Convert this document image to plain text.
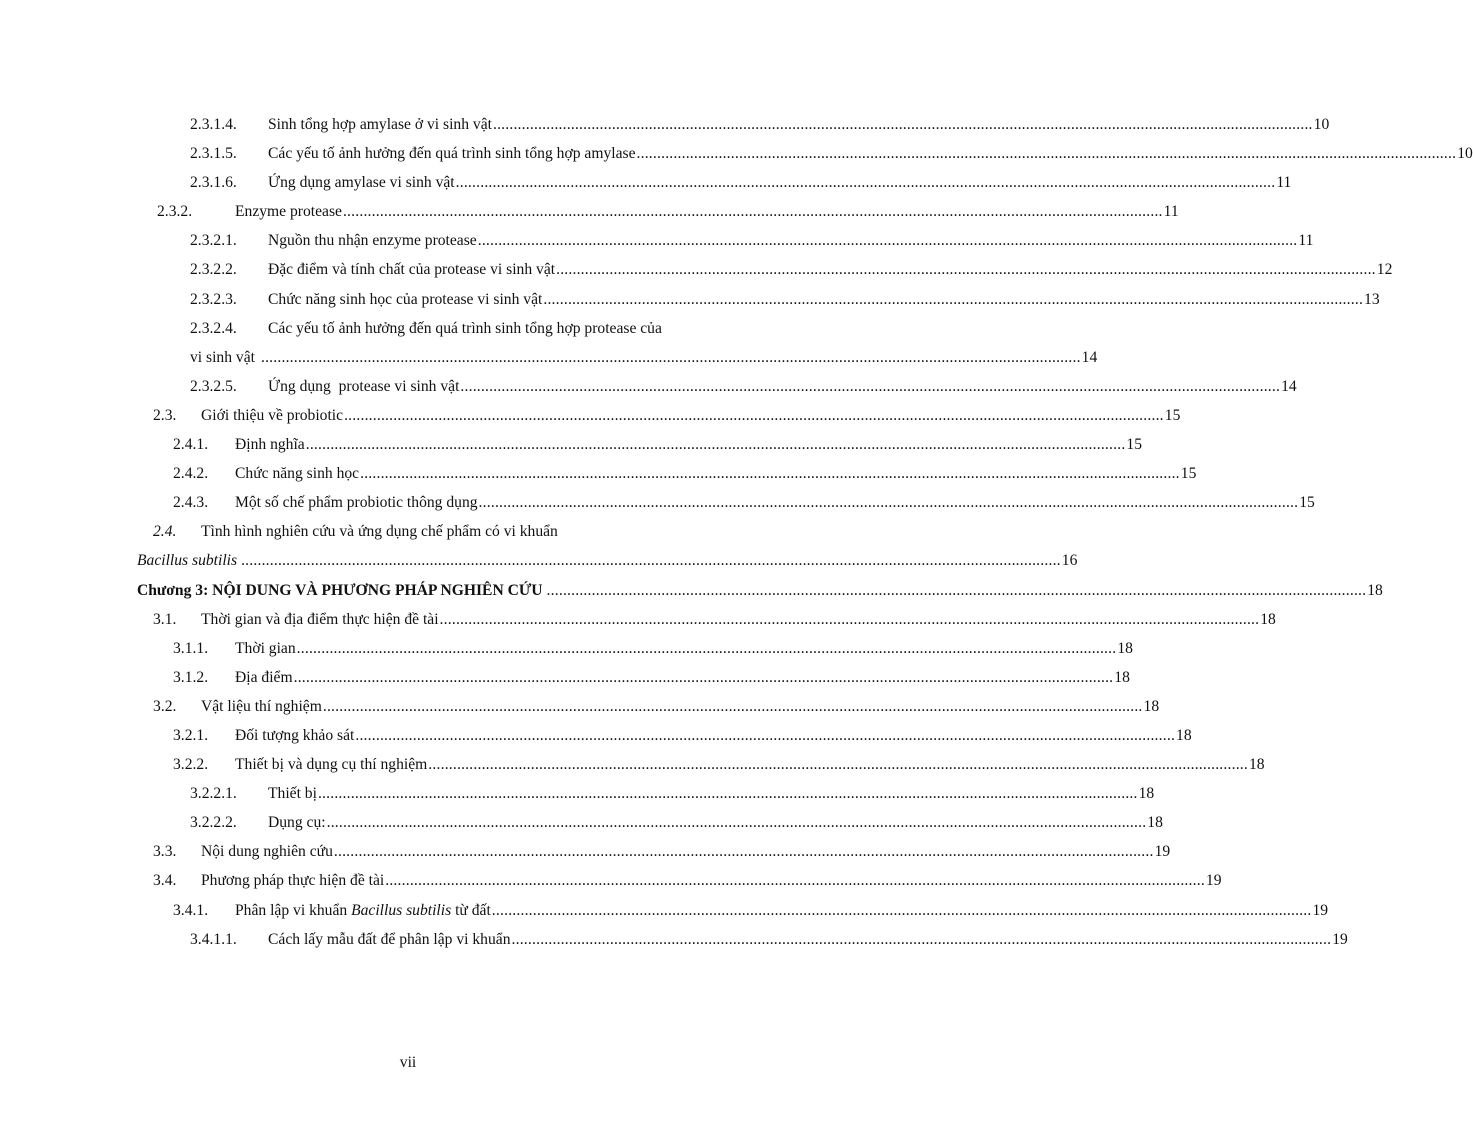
2.3.1.4.	Sinh tổng hợp amylase ở vi sinh vật .....	10
2.3.1.5.	Các yếu tố ảnh hưởng đến quá trình sinh tổng hợp amylase .....	10
2.3.1.6.	Ứng dụng amylase vi sinh vật .....	11
2.3.2.	Enzyme protease .....	11
2.3.2.1.	Nguồn thu nhận enzyme protease .....	11
2.3.2.2.	Đặc điểm và tính chất của protease vi sinh vật .....	12
2.3.2.3.	Chức năng sinh học của protease vi sinh vật .....	13
2.3.2.4.	Các yếu tố ảnh hưởng đến quá trình sinh tổng hợp protease của
vi sinh vật .....	14
2.3.2.5.	Ứng dụng  protease vi sinh vật .....	14
2.3.	Giới thiệu về probiotic .....	15
2.4.1.	Định nghĩa .....	15
2.4.2.	Chức năng sinh học .....	15
2.4.3.	Một số chế phẩm probiotic thông dụng .....	15
2.4.	Tình hình nghiên cứu và ứng dụng chế phẩm có vi khuẩn
Bacillus subtilis .....	16
Chương 3 : NỘI DUNG VÀ PHƯƠNG PHÁP NGHIÊN CỨU .....	18
3.1.	Thời gian và địa điểm thực hiện đề tài .....	18
3.1.1.	Thời gian .....	18
3.1.2.	Địa điểm .....	18
3.2.	Vật liệu thí nghiệm .....	18
3.2.1.	Đối tượng khảo sát .....	18
3.2.2.	Thiết bị và dụng cụ thí nghiệm .....	18
3.2.2.1.	Thiết bị .....	18
3.2.2.2.	Dụng cụ: .....	18
3.3.	Nội dung nghiên cứu .....	19
3.4.	Phương pháp thực hiện đề tài .....	19
3.4.1.	Phân lập vi khuẩn Bacillus subtilis từ đất .....	19
3.4.1.1.	Cách lấy mẫu đất để phân lập vi khuẩn .....	19
vii
